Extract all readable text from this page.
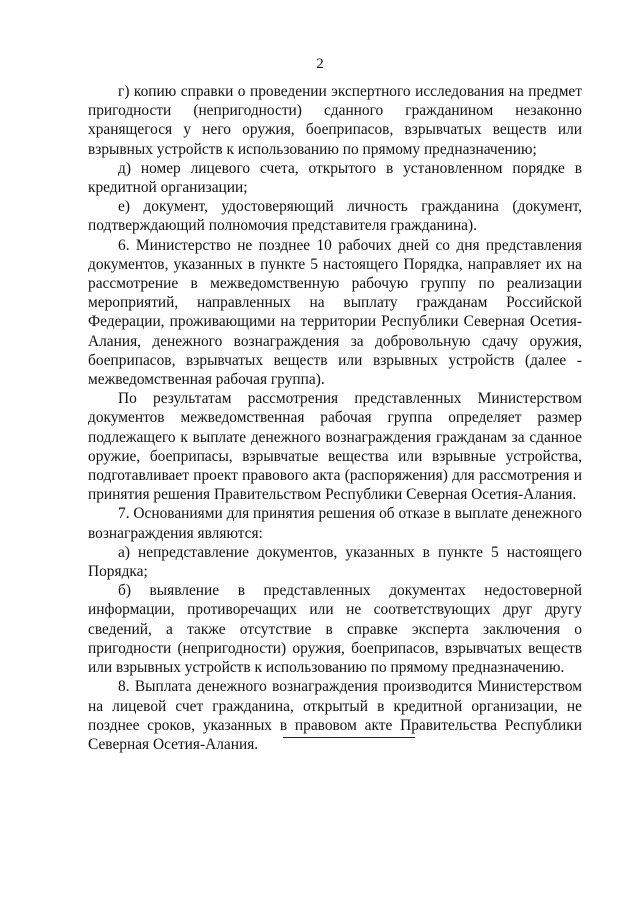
2

г) копию справки о проведении экспертного исследования на предмет пригодности (непригодности) сданного гражданином незаконно хранящегося у него оружия, боеприпасов, взрывчатых веществ или взрывных устройств к использованию по прямому предназначению;

д) номер лицевого счета, открытого в установленном порядке в кредитной организации;

е) документ, удостоверяющий личность гражданина (документ, подтверждающий полномочия представителя гражданина).

6. Министерство не позднее 10 рабочих дней со дня представления документов, указанных в пункте 5 настоящего Порядка, направляет их на рассмотрение в межведомственную рабочую группу по реализации мероприятий, направленных на выплату гражданам Российской Федерации, проживающими на территории Республики Северная Осетия-Алания, денежного вознаграждения за добровольную сдачу оружия, боеприпасов, взрывчатых веществ или взрывных устройств (далее - межведомственная рабочая группа).

По результатам рассмотрения представленных Министерством документов межведомственная рабочая группа определяет размер подлежащего к выплате денежного вознаграждения гражданам за сданное оружие, боеприпасы, взрывчатые вещества или взрывные устройства, подготавливает проект правового акта (распоряжения) для рассмотрения и принятия решения Правительством Республики Северная Осетия-Алания.

7. Основаниями для принятия решения об отказе в выплате денежного вознаграждения являются:

а) непредставление документов, указанных в пункте 5 настоящего Порядка;

б) выявление в представленных документах недостоверной информации, противоречащих или не соответствующих друг другу сведений, а также отсутствие в справке эксперта заключения о пригодности (непригодности) оружия, боеприпасов, взрывчатых веществ или взрывных устройств к использованию по прямому предназначению.

8. Выплата денежного вознаграждения производится Министерством на лицевой счет гражданина, открытый в кредитной организации, не позднее сроков, указанных в правовом акте Правительства Республики Северная Осетия-Алания.
